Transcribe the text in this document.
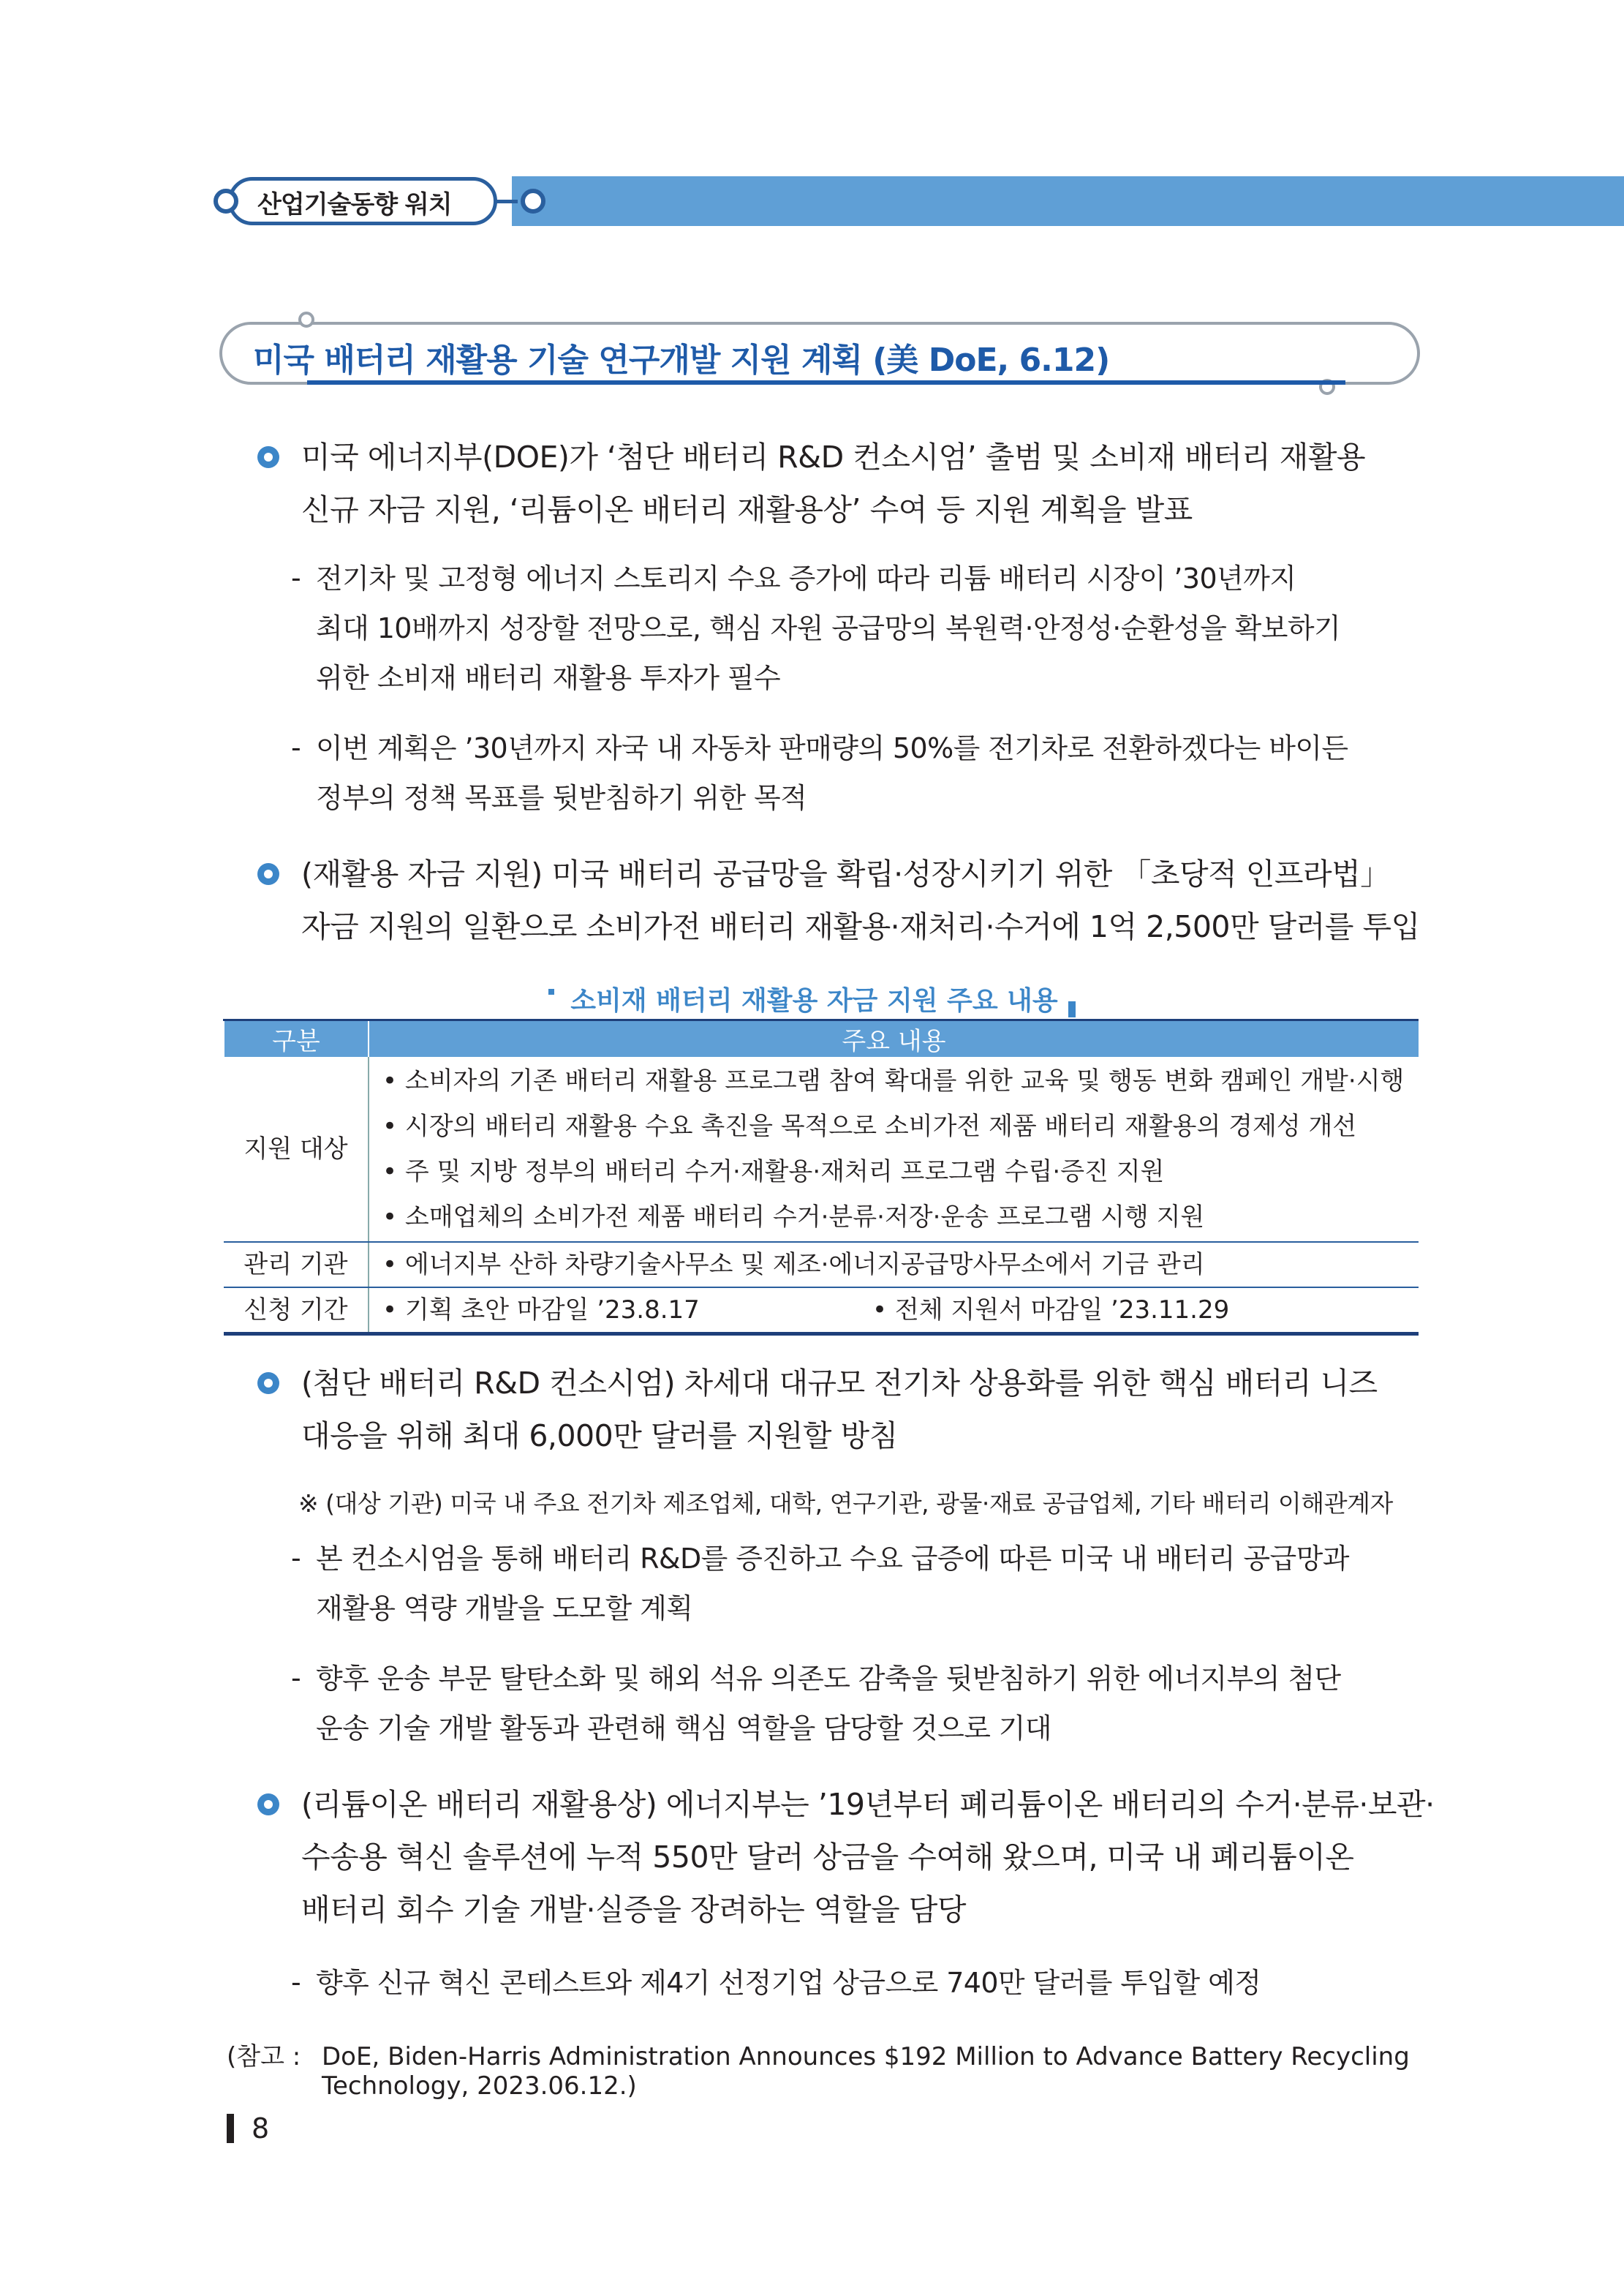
산업기술동향 워치
미국 배터리 재활용 기술 연구개발 지원 계획 (美 DoE, 6.12)
미국 에너지부(DOE)가 ‘첨단 배터리 R&D 컨소시엄’ 출범 및 소비재 배터리 재활용
신규 자금 지원, ‘리튬이온 배터리 재활용상’ 수여 등 지원 계획을 발표
- 전기차 및 고정형 에너지 스토리지 수요 증가에 따라 리튬 배터리 시장이 ’30년까지
최대 10배까지 성장할 전망으로, 핵심 자원 공급망의 복원력·안정성·순환성을 확보하기
위한 소비재 배터리 재활용 투자가 필수
- 이번 계획은 ’30년까지 자국 내 자동차 판매량의 50%를 전기차로 전환하겠다는 바이든
정부의 정책 목표를 뒷받침하기 위한 목적
(재활용 자금 지원) 미국 배터리 공급망을 확립·성장시키기 위한 「초당적 인프라법」
자금 지원의 일환으로 소비가전 배터리 재활용·재처리·수거에 1억 2,500만 달러를 투입
소비재 배터리 재활용 자금 지원 주요 내용
구분	주요 내용
지원 대상	• 소비자의 기존 배터리 재활용 프로그램 참여 확대를 위한 교육 및 행동 변화 캠페인 개발·시행
• 시장의 배터리 재활용 수요 촉진을 목적으로 소비가전 제품 배터리 재활용의 경제성 개선
• 주 및 지방 정부의 배터리 수거·재활용·재처리 프로그램 수립·증진 지원
• 소매업체의 소비가전 제품 배터리 수거·분류·저장·운송 프로그램 시행 지원

관리 기관	• 에너지부 산하 차량기술사무소 및 제조·에너지공급망사무소에서 기금 관리

신청 기간	• 기획 초안 마감일 ’23.8.17 • 전체 지원서 마감일 ’23.11.29
(첨단 배터리 R&D 컨소시엄) 차세대 대규모 전기차 상용화를 위한 핵심 배터리 니즈
대응을 위해 최대 6,000만 달러를 지원할 방침
※ (대상 기관) 미국 내 주요 전기차 제조업체, 대학, 연구기관, 광물·재료 공급업체, 기타 배터리 이해관계자
- 본 컨소시엄을 통해 배터리 R&D를 증진하고 수요 급증에 따른 미국 내 배터리 공급망과
재활용 역량 개발을 도모할 계획
- 향후 운송 부문 탈탄소화 및 해외 석유 의존도 감축을 뒷받침하기 위한 에너지부의 첨단
운송 기술 개발 활동과 관련해 핵심 역할을 담당할 것으로 기대
(리튬이온 배터리 재활용상) 에너지부는 ’19년부터 폐리튬이온 배터리의 수거·분류·보관·
수송용 혁신 솔루션에 누적 550만 달러 상금을 수여해 왔으며, 미국 내 폐리튬이온
배터리 회수 기술 개발·실증을 장려하는 역할을 담당
- 향후 신규 혁신 콘테스트와 제4기 선정기업 상금으로 740만 달러를 투입할 예정
(참고 : DoE, Biden-Harris Administration Announces $192 Million to Advance Battery Recycling
Technology, 2023.06.12.)
8
